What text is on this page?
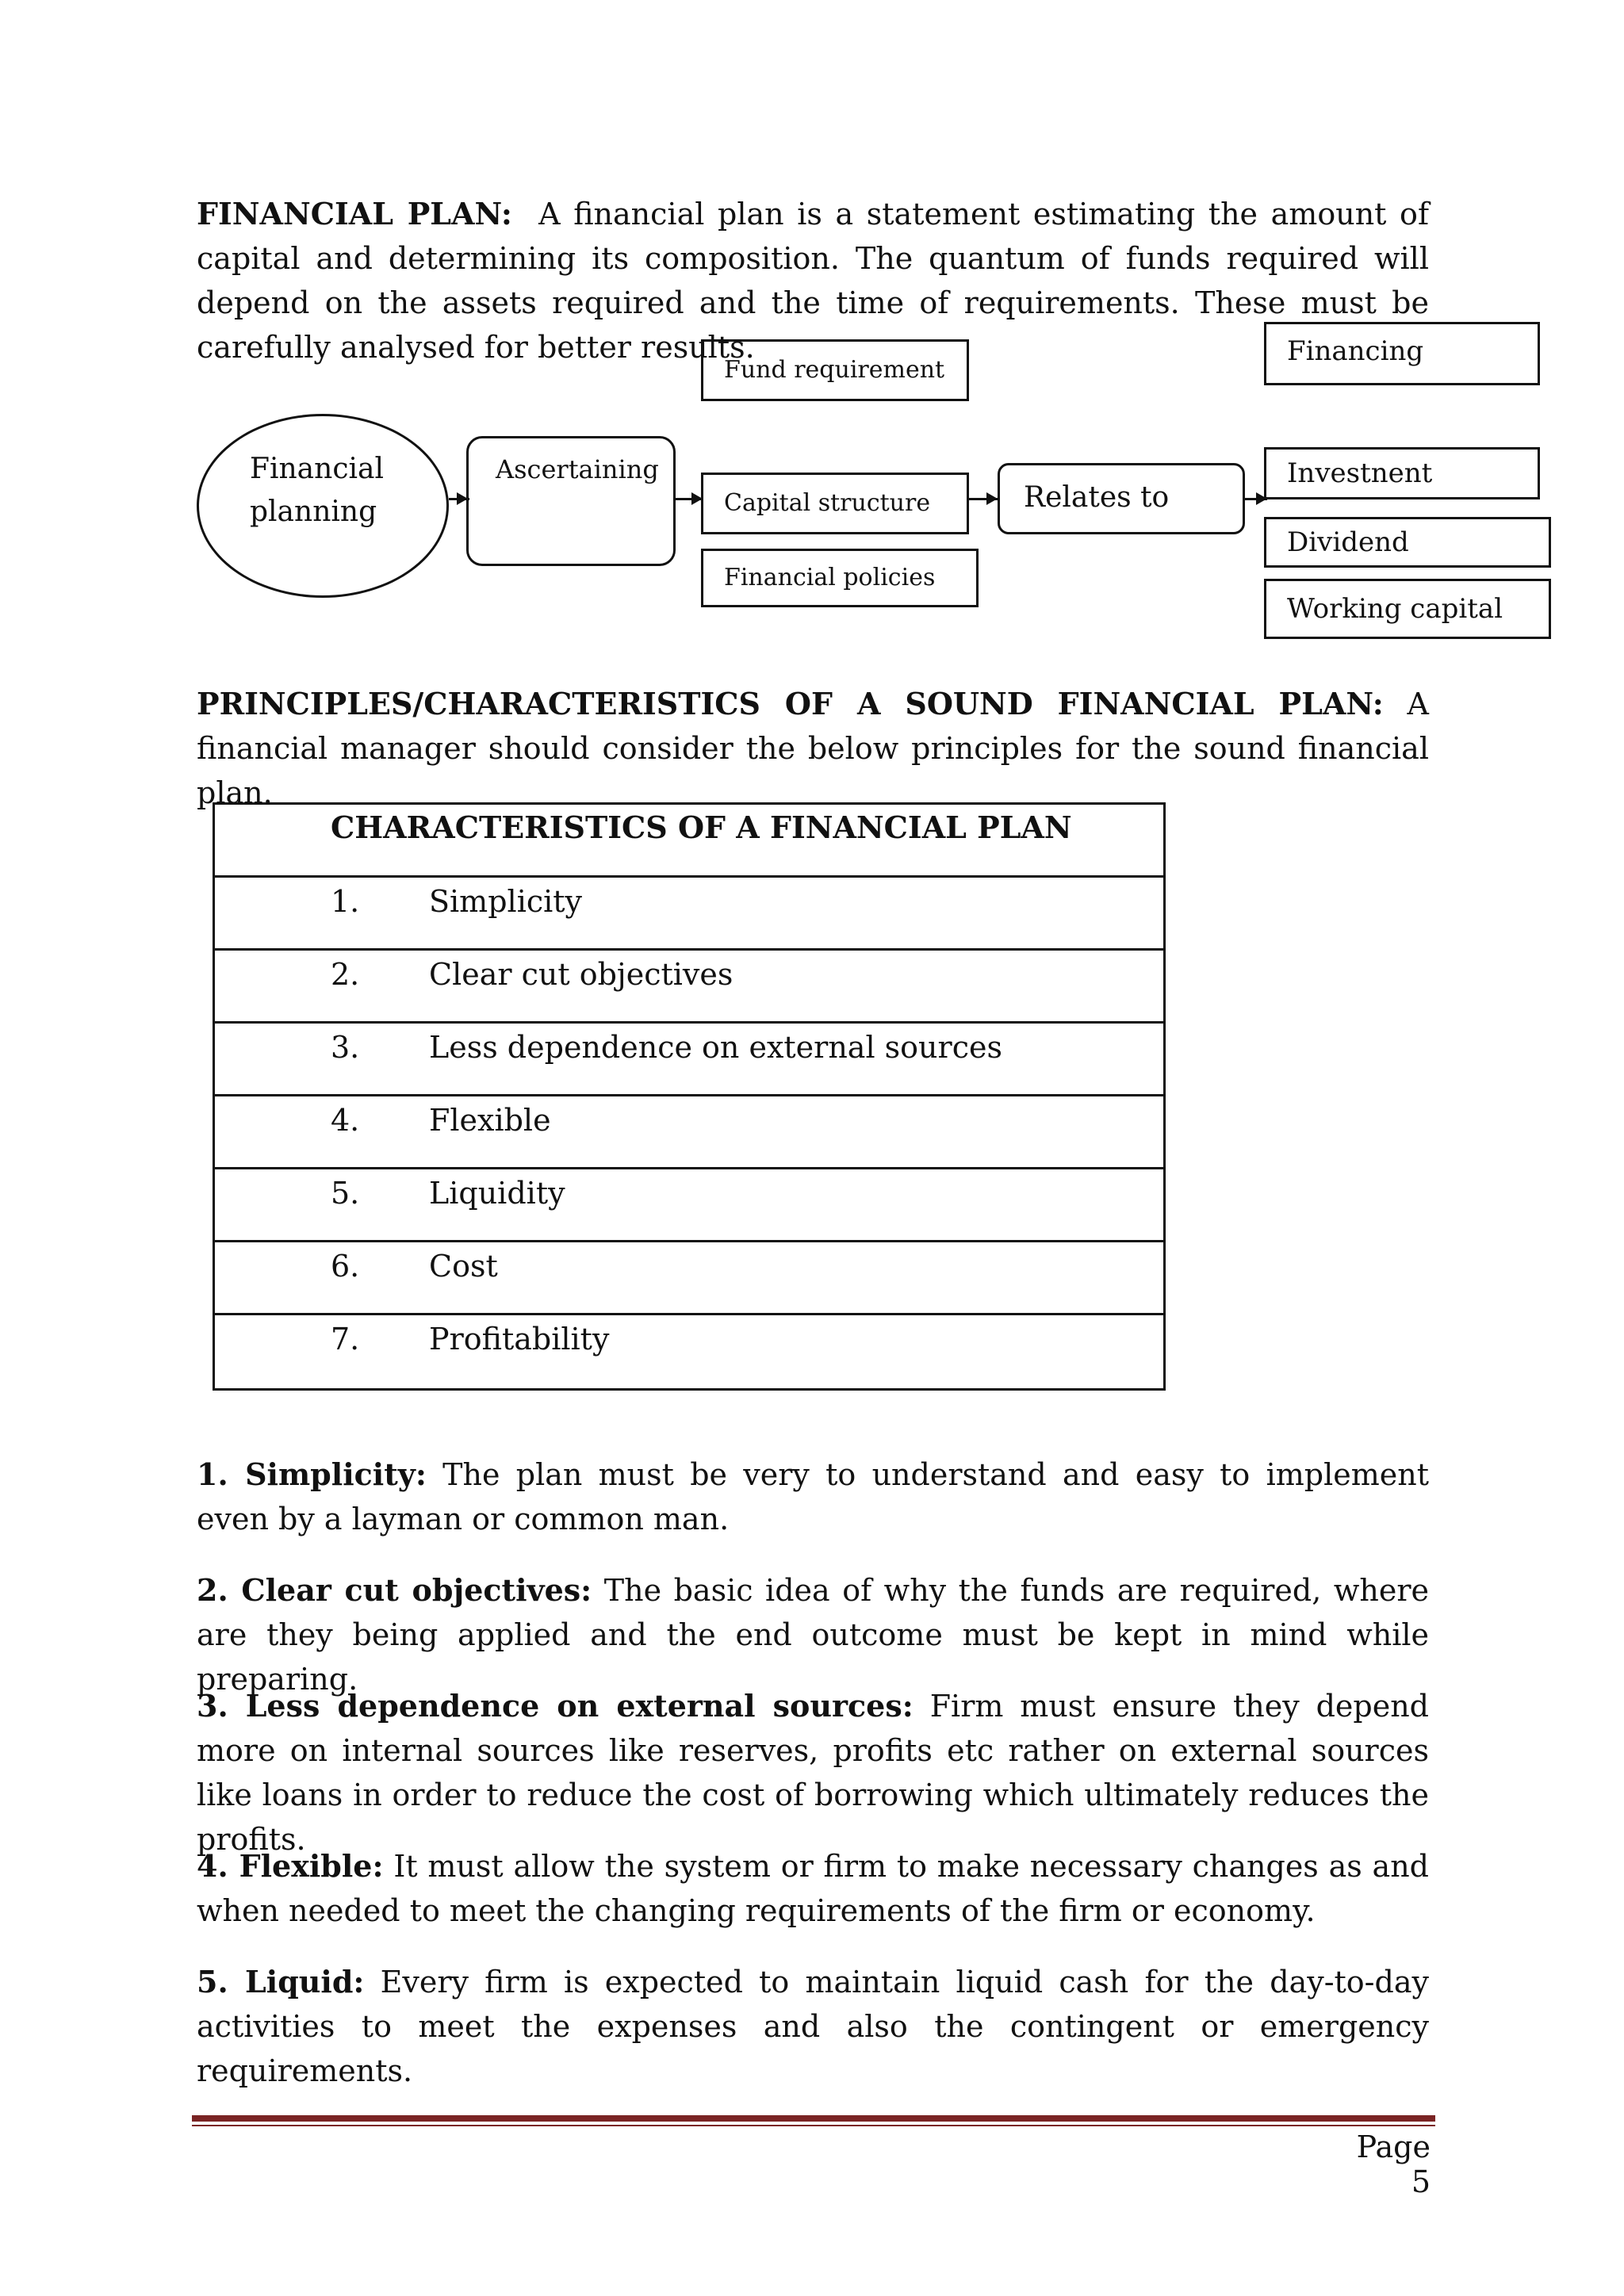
FINANCIAL PLAN: A financial plan is a statement estimating the amount of capital and determining its composition. The quantum of funds required will depend on the assets required and the time of requirements. These must be carefully analysed for better results.

Financial planning
Ascertaining
Fund requirement
Capital structure
Financial policies
Relates to
Financing
Investnent
Dividend
Working capital

PRINCIPLES/CHARACTERISTICS OF A SOUND FINANCIAL PLAN: A financial manager should consider the below principles for the sound financial plan.

CHARACTERISTICS OF A FINANCIAL PLAN
1. Simplicity
2. Clear cut objectives
3. Less dependence on external sources
4. Flexible
5. Liquidity
6. Cost
7. Profitability

1. Simplicity: The plan must be very to understand and easy to implement even by a layman or common man.

2. Clear cut objectives: The basic idea of why the funds are required, where are they being applied and the end outcome must be kept in mind while preparing.

3. Less dependence on external sources: Firm must ensure they depend more on internal sources like reserves, profits etc rather on external sources like loans in order to reduce the cost of borrowing which ultimately reduces the profits.

4. Flexible: It must allow the system or firm to make necessary changes as and when needed to meet the changing requirements of the firm or economy.

5. Liquid: Every firm is expected to maintain liquid cash for the day-to-day activities to meet the expenses and also the contingent or emergency requirements.

Page 5
